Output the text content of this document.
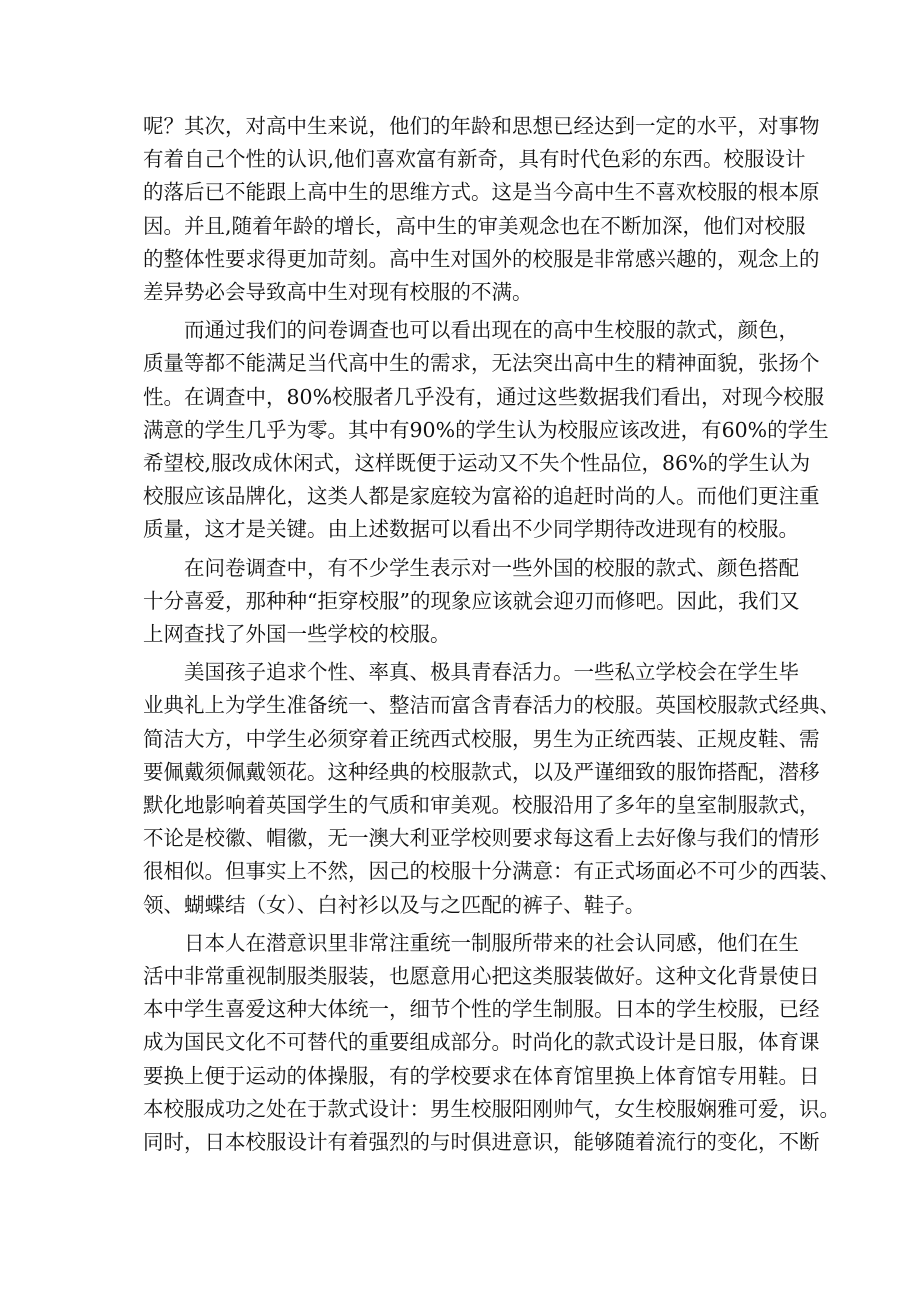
呢？其次，对高中生来说，他们的年龄和思想已经达到一定的水平，对事物
有着自己个性的认识,他们喜欢富有新奇，具有时代色彩的东西。校服设计
的落后已不能跟上高中生的思维方式。这是当今高中生不喜欢校服的根本原
因。并且,随着年龄的增长，高中生的审美观念也在不断加深，他们对校服
的整体性要求得更加苛刻。高中生对国外的校服是非常感兴趣的，观念上的
差异势必会导致高中生对现有校服的不满。

　　而通过我们的问卷调查也可以看出现在的高中生校服的款式，颜色，
质量等都不能满足当代高中生的需求，无法突出高中生的精神面貌，张扬个
性。在调查中，80%校服者几乎没有，通过这些数据我们看出，对现今校服
满意的学生几乎为零。其中有90%的学生认为校服应该改进，有60%的学生
希望校,服改成休闲式，这样既便于运动又不失个性品位，86%的学生认为
校服应该品牌化，这类人都是家庭较为富裕的追赶时尚的人。而他们更注重
质量，这才是关键。由上述数据可以看出不少同学期待改进现有的校服。

　　在问卷调查中，有不少学生表示对一些外国的校服的款式、颜色搭配
十分喜爱，那种种“拒穿校服”的现象应该就会迎刃而修吧。因此，我们又
上网查找了外国一些学校的校服。

　　美国孩子追求个性、率真、极具青春活力。一些私立学校会在学生毕
业典礼上为学生准备统一、整洁而富含青春活力的校服。英国校服款式经典、
简洁大方，中学生必须穿着正统西式校服，男生为正统西装、正规皮鞋、需
要佩戴须佩戴领花。这种经典的校服款式，以及严谨细致的服饰搭配，潜移
默化地影响着英国学生的气质和审美观。校服沿用了多年的皇室制服款式，
不论是校徽、帽徽，无一澳大利亚学校则要求每这看上去好像与我们的情形
很相似。但事实上不然，因己的校服十分满意：有正式场面必不可少的西装、
领、蝴蝶结（女）、白衬衫以及与之匹配的裤子、鞋子。

　　日本人在潜意识里非常注重统一制服所带来的社会认同感，他们在生
活中非常重视制服类服装，也愿意用心把这类服装做好。这种文化背景使日
本中学生喜爱这种大体统一，细节个性的学生制服。日本的学生校服，已经
成为国民文化不可替代的重要组成部分。时尚化的款式设计是日服，体育课
要换上便于运动的体操服，有的学校要求在体育馆里换上体育馆专用鞋。日
本校服成功之处在于款式设计：男生校服阳刚帅气，女生校服娴雅可爱，识。
同时，日本校服设计有着强烈的与时俱进意识，能够随着流行的变化，不断
